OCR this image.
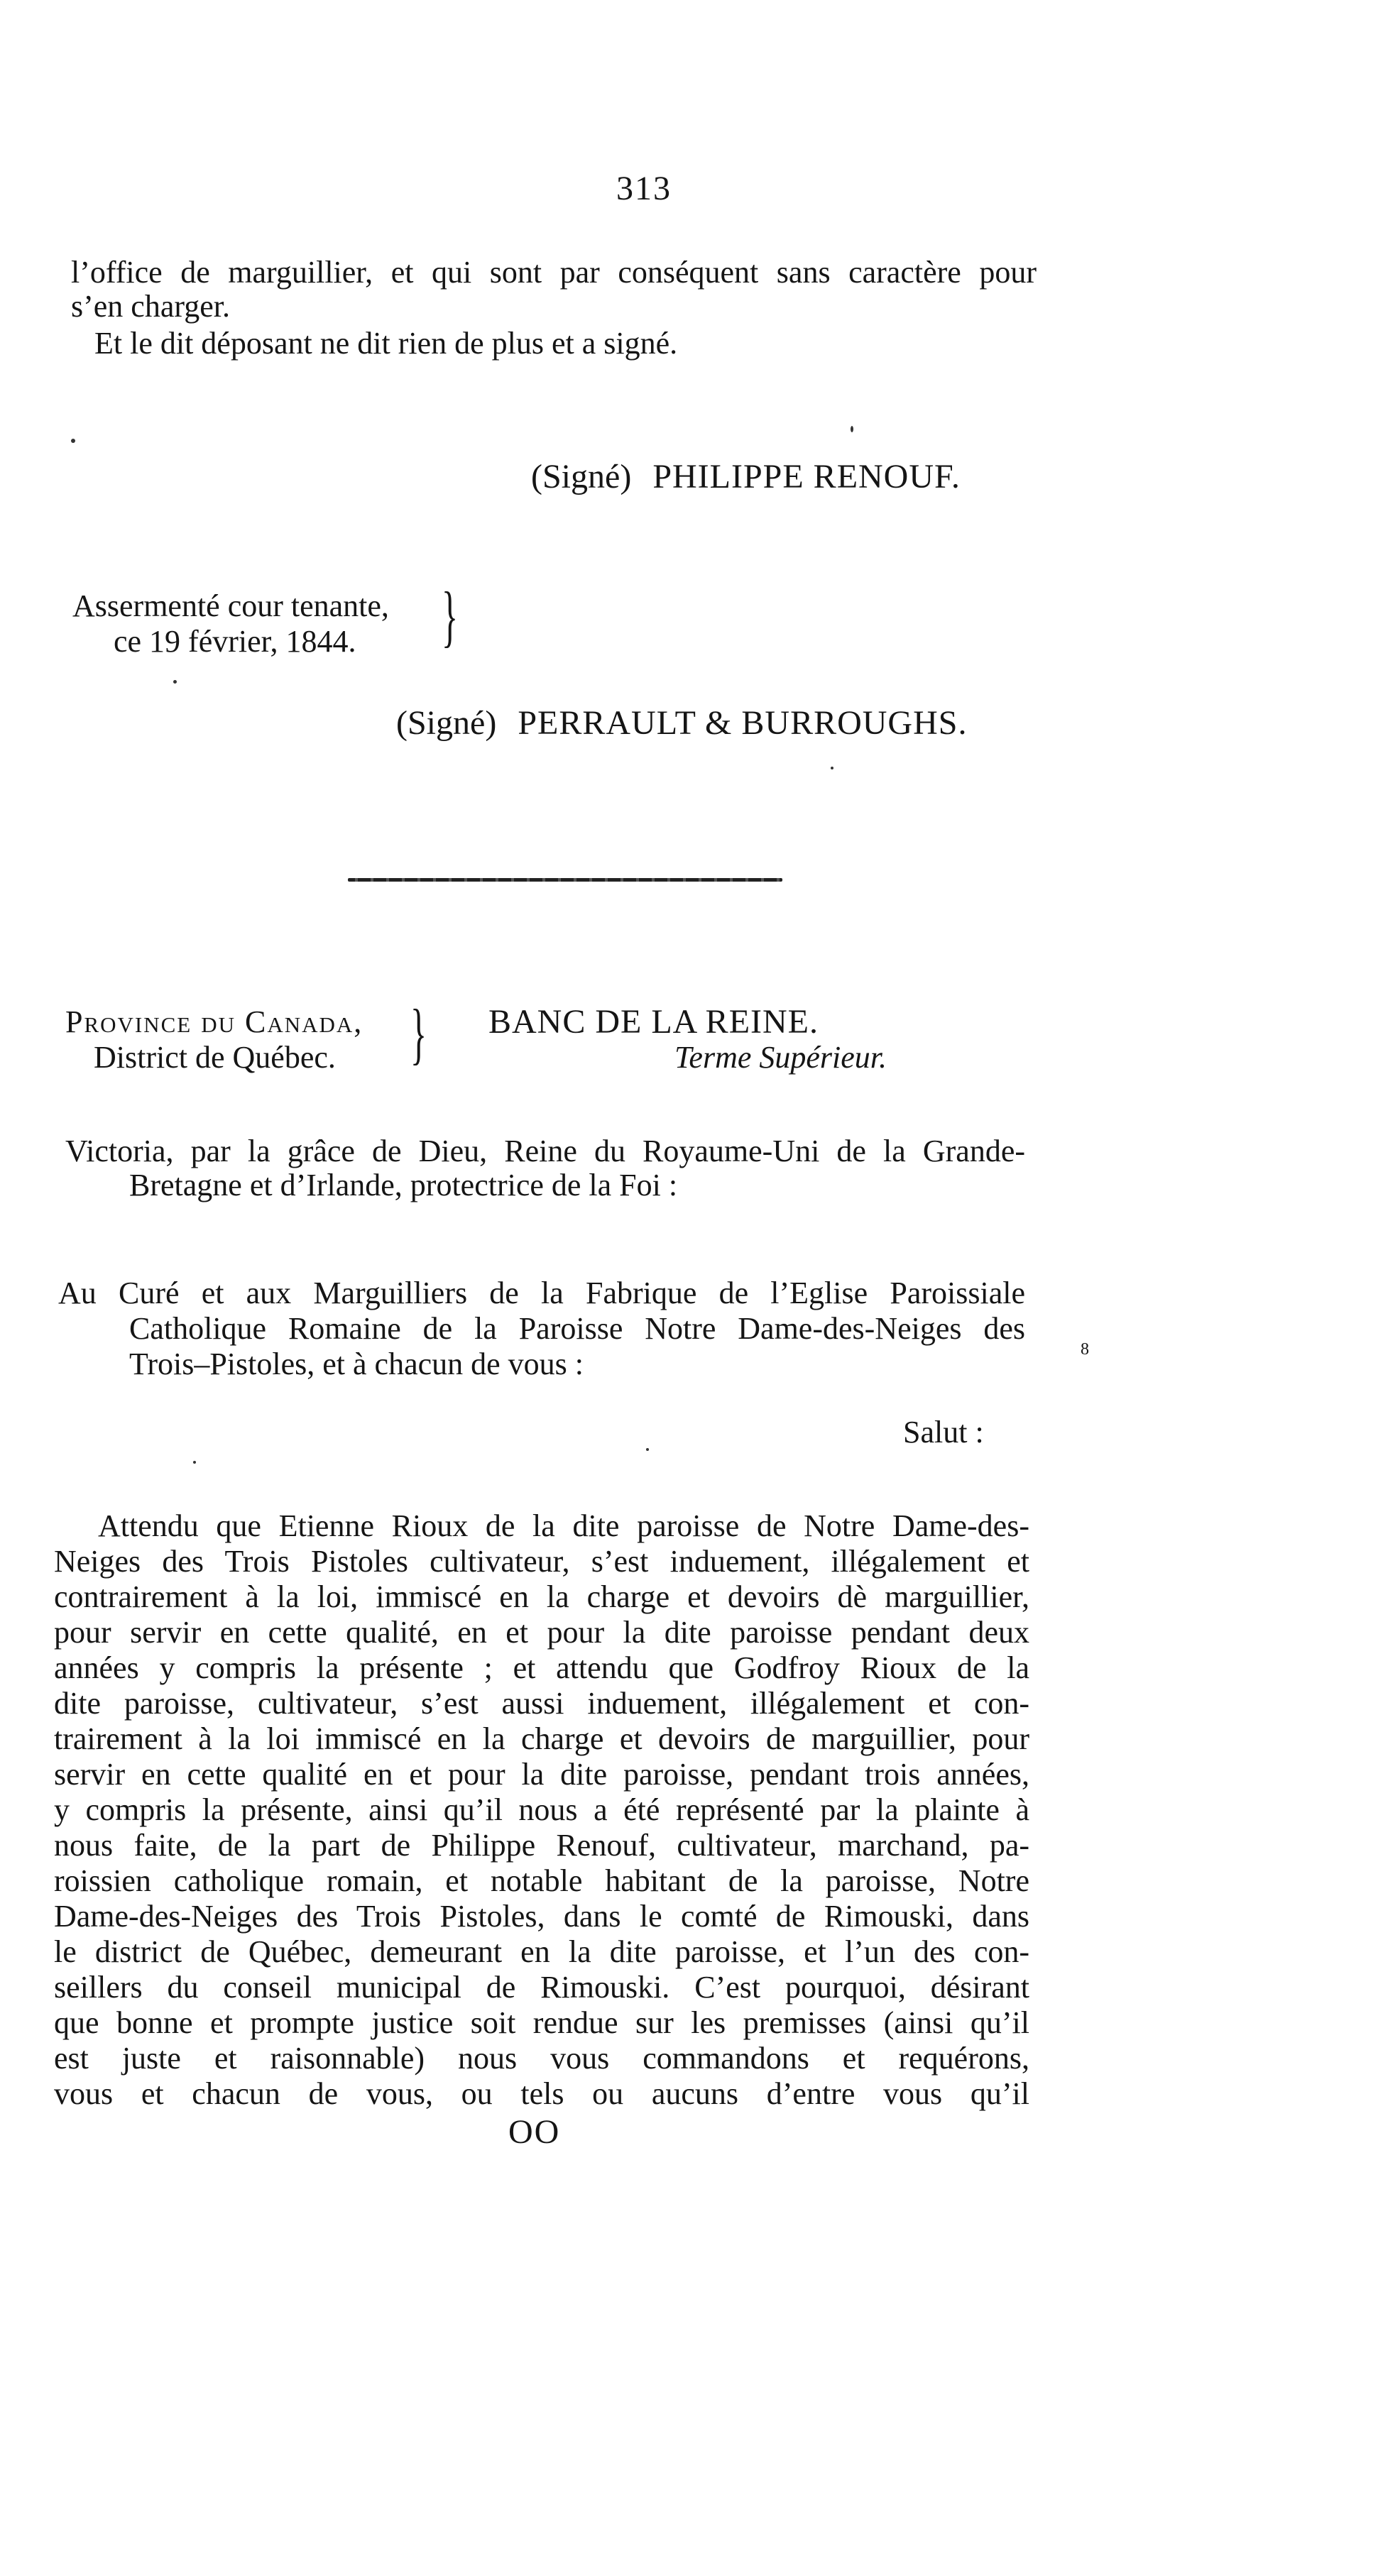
313
l’office de marguillier, et qui sont par conséquent sans caractère pour
s’en charger.
Et le dit déposant ne dit rien de plus et a signé.
(Signé) PHILIPPE RENOUF.
Assermenté cour tenante,
ce 19 février, 1844. }
(Signé) PERRAULT & BURROUGHS.
Province du Canada,
District de Québec. } BANC DE LA REINE.
Terme Supérieur.
Victoria, par la grâce de Dieu, Reine du Royaume-Uni de la Grande-
Bretagne et d’Irlande, protectrice de la Foi :
Au Curé et aux Marguilliers de la Fabrique de l’Eglise Paroissiale
Catholique Romaine de la Paroisse Notre Dame-des-Neiges des
Trois–Pistoles, et à chacun de vous :	8
Salut :
Attendu que Etienne Rioux de la dite paroisse de Notre Dame-des-
Neiges des Trois Pistoles cultivateur, s’est induement, illégalement et
contrairement à la loi, immiscé en la charge et devoirs dè marguillier,
pour servir en cette qualité, en et pour la dite paroisse pendant deux
années y compris la présente ; et attendu que Godfroy Rioux de la
dite paroisse, cultivateur, s’est aussi induement, illégalement et con-
trairement à la loi immiscé en la charge et devoirs de marguillier, pour
servir en cette qualité en et pour la dite paroisse, pendant trois années,
y compris la présente, ainsi qu’il nous a été représenté par la plainte à
nous faite, de la part de Philippe Renouf, cultivateur, marchand, pa-
roissien catholique romain, et notable habitant de la paroisse, Notre
Dame-des-Neiges des Trois Pistoles, dans le comté de Rimouski, dans
le district de Québec, demeurant en la dite paroisse, et l’un des con-
seillers du conseil municipal de Rimouski. C’est pourquoi, désirant
que bonne et prompte justice soit rendue sur les premisses (ainsi qu’il
est juste et raisonnable) nous vous commandons et requérons,
vous et chacun de vous, ou tels ou aucuns d’entre vous qu’il
OO
